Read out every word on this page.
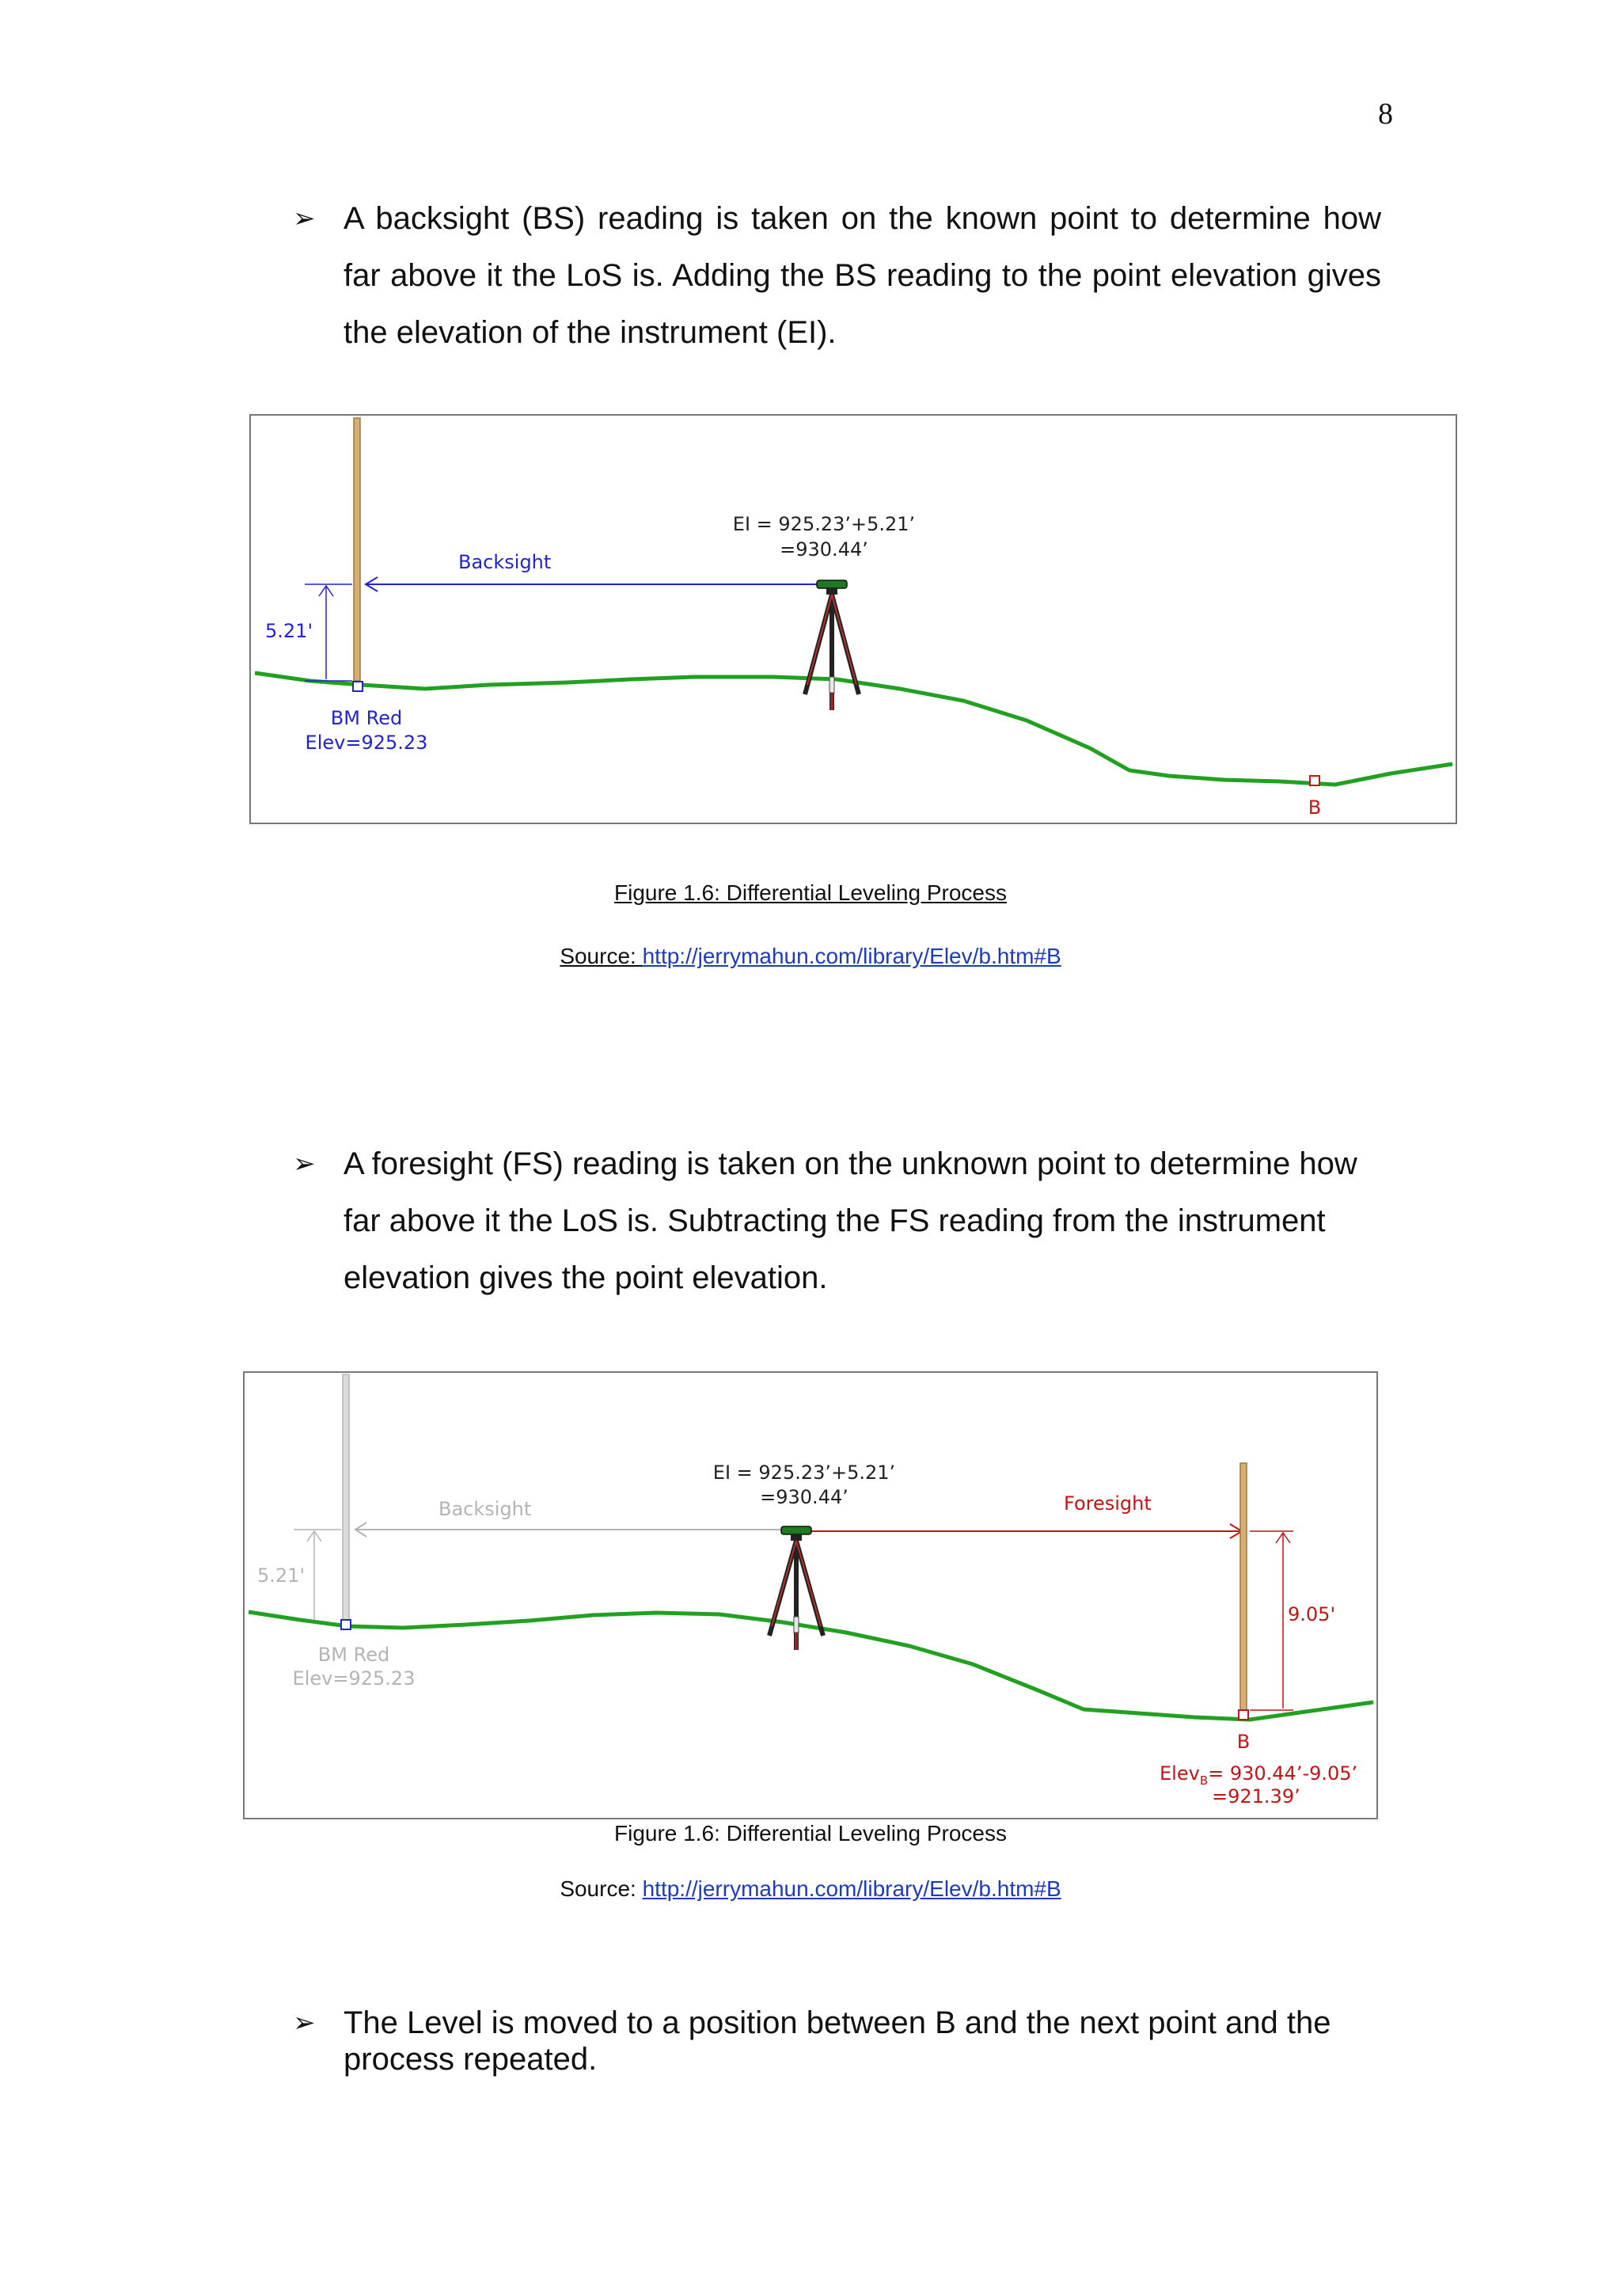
8
➢ A backsight (BS) reading is taken on the known point to determine how far above it the LoS is. Adding the BS reading to the point elevation gives the elevation of the instrument (EI).
Backsight
5.21'
BM Red
Elev=925.23
EI = 925.23’+5.21’
=930.44’
B
Figure 1.6: Differential Leveling Process
Source: http://jerrymahun.com/library/Elev/b.htm#B
➢ A foresight (FS) reading is taken on the unknown point to determine how far above it the LoS is. Subtracting the FS reading from the instrument elevation gives the point elevation.
Backsight
5.21'
BM Red
Elev=925.23
EI = 925.23’+5.21’
=930.44’	Foresight
9.05'
B
Elev$_B$= 930.44’-9.05’
=921.39’
Figure 1.6: Differential Leveling Process
Source: http://jerrymahun.com/library/Elev/b.htm#B
➢ The Level is moved to a position between B and the next point and the process repeated.
